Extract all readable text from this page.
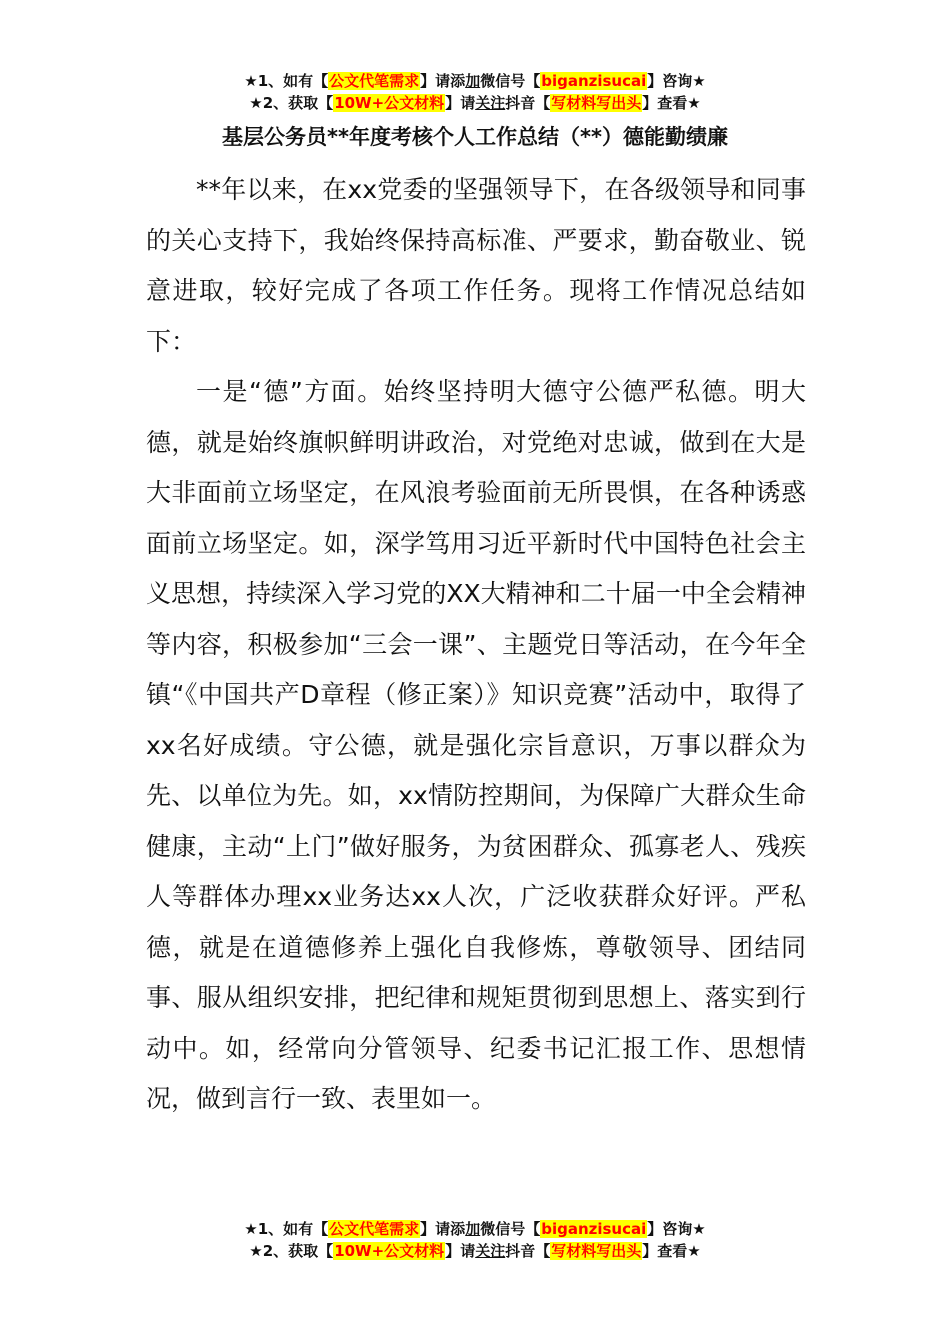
★1、如有【公文代笔需求】请添加微信号【biganzisucai】咨询★
★2、获取【10W+公文材料】请关注抖音【写材料写出头】查看★
基层公务员**年度考核个人工作总结（**）德能勤绩廉

**年以来，在xx党委的坚强领导下，在各级领导和同事的关心支持下，我始终保持高标准、严要求，勤奋敬业、锐意进取，较好完成了各项工作任务。现将工作情况总结如下：

一是“德”方面。始终坚持明大德守公德严私德。明大德，就是始终旗帜鲜明讲政治，对党绝对忠诚，做到在大是大非面前立场坚定，在风浪考验面前无所畏惧，在各种诱惑面前立场坚定。如，深学笃用习近平新时代中国特色社会主义思想，持续深入学习党的XX大精神和二十届一中全会精神等内容，积极参加“三会一课”、主题党日等活动，在今年全镇“《中国共产D章程（修正案）》知识竞赛”活动中，取得了xx名好成绩。守公德，就是强化宗旨意识，万事以群众为先、以单位为先。如，xx情防控期间，为保障广大群众生命健康，主动“上门”做好服务，为贫困群众、孤寡老人、残疾人等群体办理xx业务达xx人次，广泛收获群众好评。严私德，就是在道德修养上强化自我修炼，尊敬领导、团结同事、服从组织安排，把纪律和规矩贯彻到思想上、落实到行动中。如，经常向分管领导、纪委书记汇报工作、思想情况，做到言行一致、表里如一。

★1、如有【公文代笔需求】请添加微信号【biganzisucai】咨询★
★2、获取【10W+公文材料】请关注抖音【写材料写出头】查看★
